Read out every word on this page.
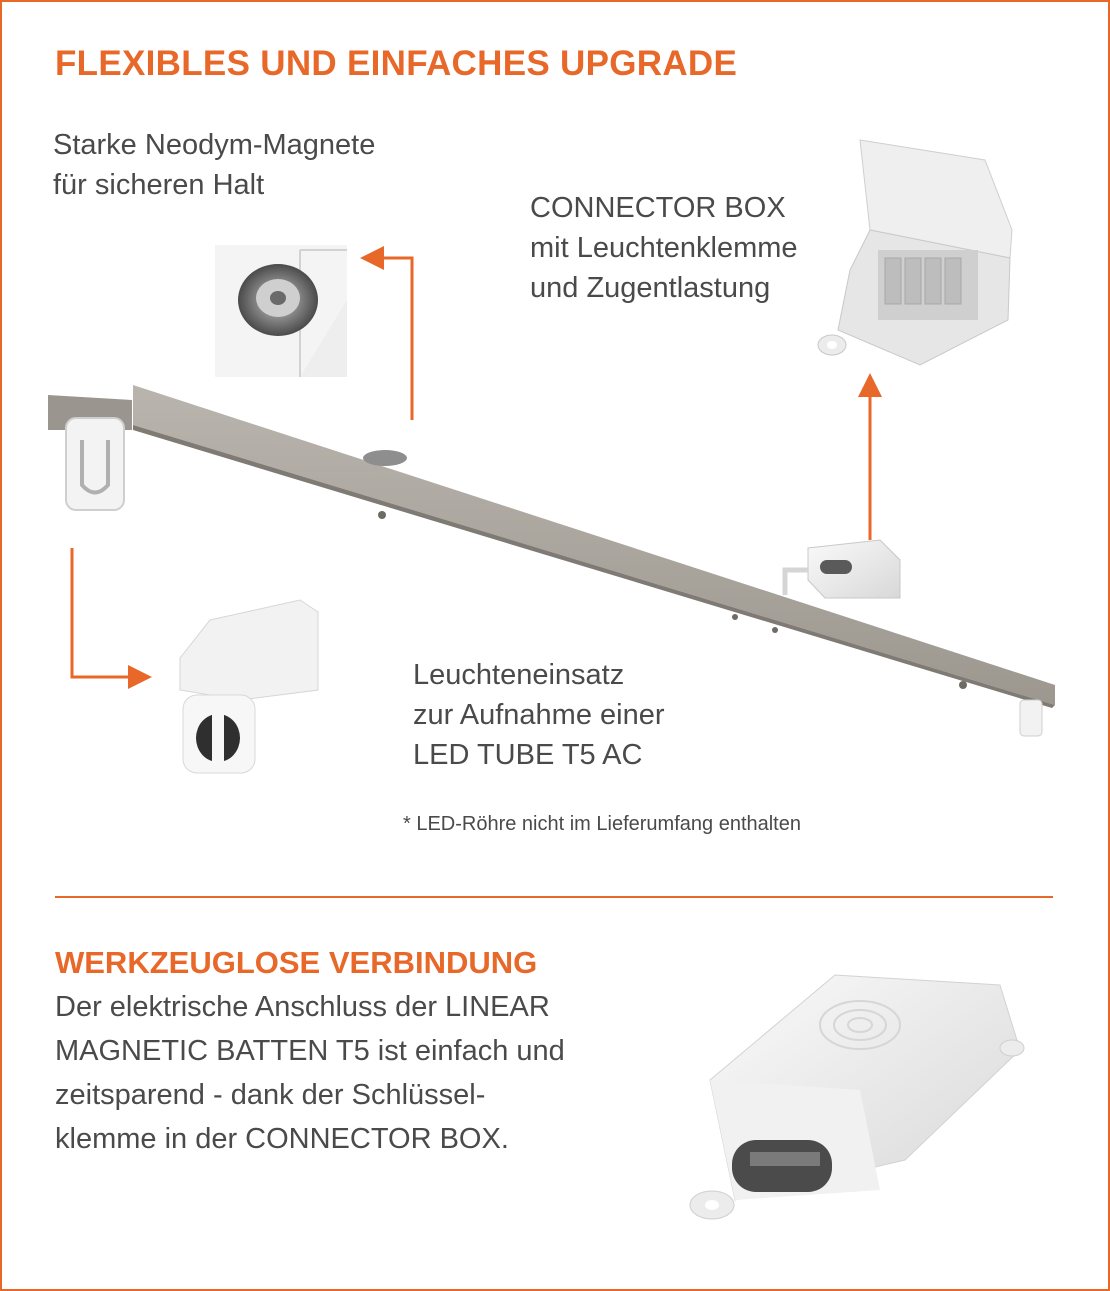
FLEXIBLES UND EINFACHES UPGRADE

Starke Neodym-Magnete
für sicheren Halt

CONNECTOR BOX
mit Leuchtenklemme
und Zugentlastung

Leuchteneinsatz
zur Aufnahme einer
LED TUBE T5 AC

* LED-Röhre nicht im Lieferumfang enthalten

WERKZEUGLOSE VERBINDUNG

Der elektrische Anschluss der LINEAR
MAGNETIC BATTEN T5 ist einfach und
zeitsparend - dank der Schlüssel-
klemme in der CONNECTOR BOX.
